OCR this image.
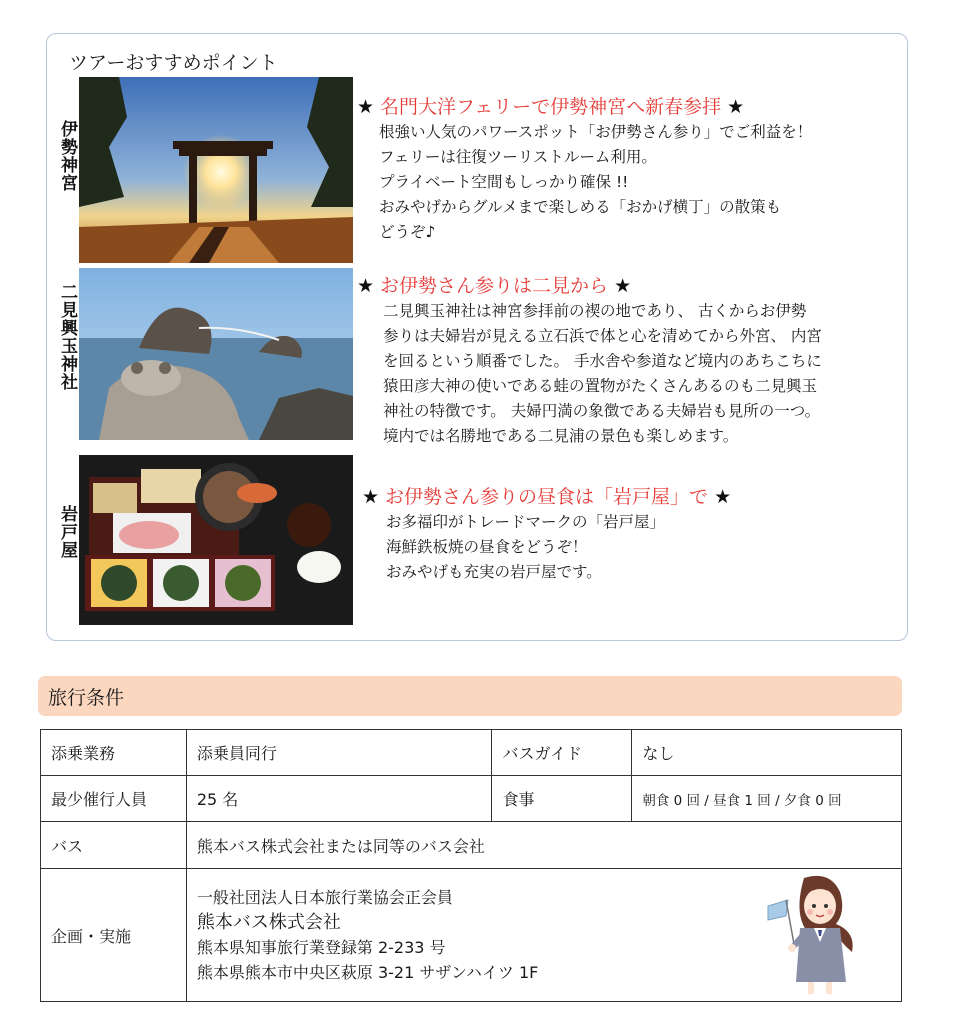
ツアーおすすめポイント
伊勢神宮
★ 名門大洋フェリーで伊勢神宮へ新春参拝 ★
根強い人気のパワースポット「お伊勢さん参り」でご利益を！
フェリーは往復ツーリストルーム利用。
プライベート空間もしっかり確保 !!
おみやげからグルメまで楽しめる「おかげ横丁」の散策も
どうぞ♪
二見興玉神社	★ お伊勢さん参りは二見から ★
二見興玉神社は神宮参拝前の禊の地であり、 古くからお伊勢
参りは夫婦岩が見える立石浜で体と心を清めてから外宮、 内宮
を回るという順番でした。 手水舎や参道など境内のあちこちに
猿田彦大神の使いである蛙の置物がたくさんあるのも二見興玉
神社の特徴です。 夫婦円満の象徴である夫婦岩も見所の一つ。
境内では名勝地である二見浦の景色も楽しめます。
岩戸屋
★ お伊勢さん参りの昼食は「岩戸屋」で ★
お多福印がトレードマークの「岩戸屋」
海鮮鉄板焼の昼食をどうぞ！
おみやげも充実の岩戸屋です。
旅行条件
添乗業務	添乗員同行	バスガイド	なし
最少催行人員	25 名	食事	朝食 0 回 / 昼食 1 回 / 夕食 0 回
バス	熊本バス株式会社または同等のバス会社		
企画・実施	一般社団法人日本旅行業協会正会員
熊本バス株式会社
熊本県知事旅行業登録第 2-233 号
熊本県熊本市中央区萩原 3-21 サザンハイツ 1F		
